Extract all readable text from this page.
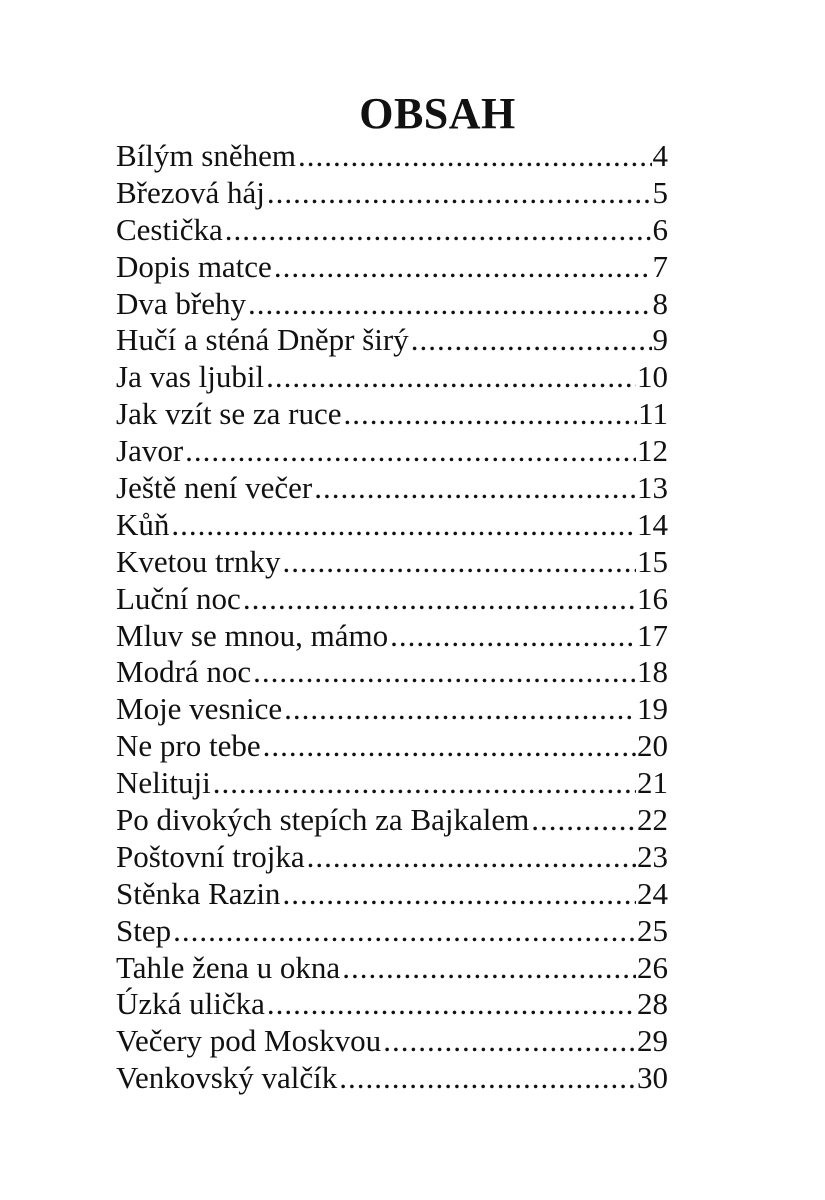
OBSAH
Bílým sněhem .....	4
Březová háj .....	5
Cestička .....	6
Dopis matce .....	7
Dva břehy .....	8
Hučí a sténá Dněpr širý .....	9
Ja vas ljubil .....	10
Jak vzít se za ruce .....	11
Javor .....	12
Ještě není večer .....	13
Kůň .....	14
Kvetou trnky .....	15
Luční noc .....	16
Mluv se mnou, mámo .....	17
Modrá noc .....	18
Moje vesnice .....	19
Ne pro tebe .....	20
Nelituji .....	21
Po divokých stepích za Bajkalem .....	22
Poštovní trojka .....	23
Stěnka Razin .....	24
Step .....	25
Tahle žena u okna .....	26
Úzká ulička .....	28
Večery pod Moskvou .....	29
Venkovský valčík .....	30
